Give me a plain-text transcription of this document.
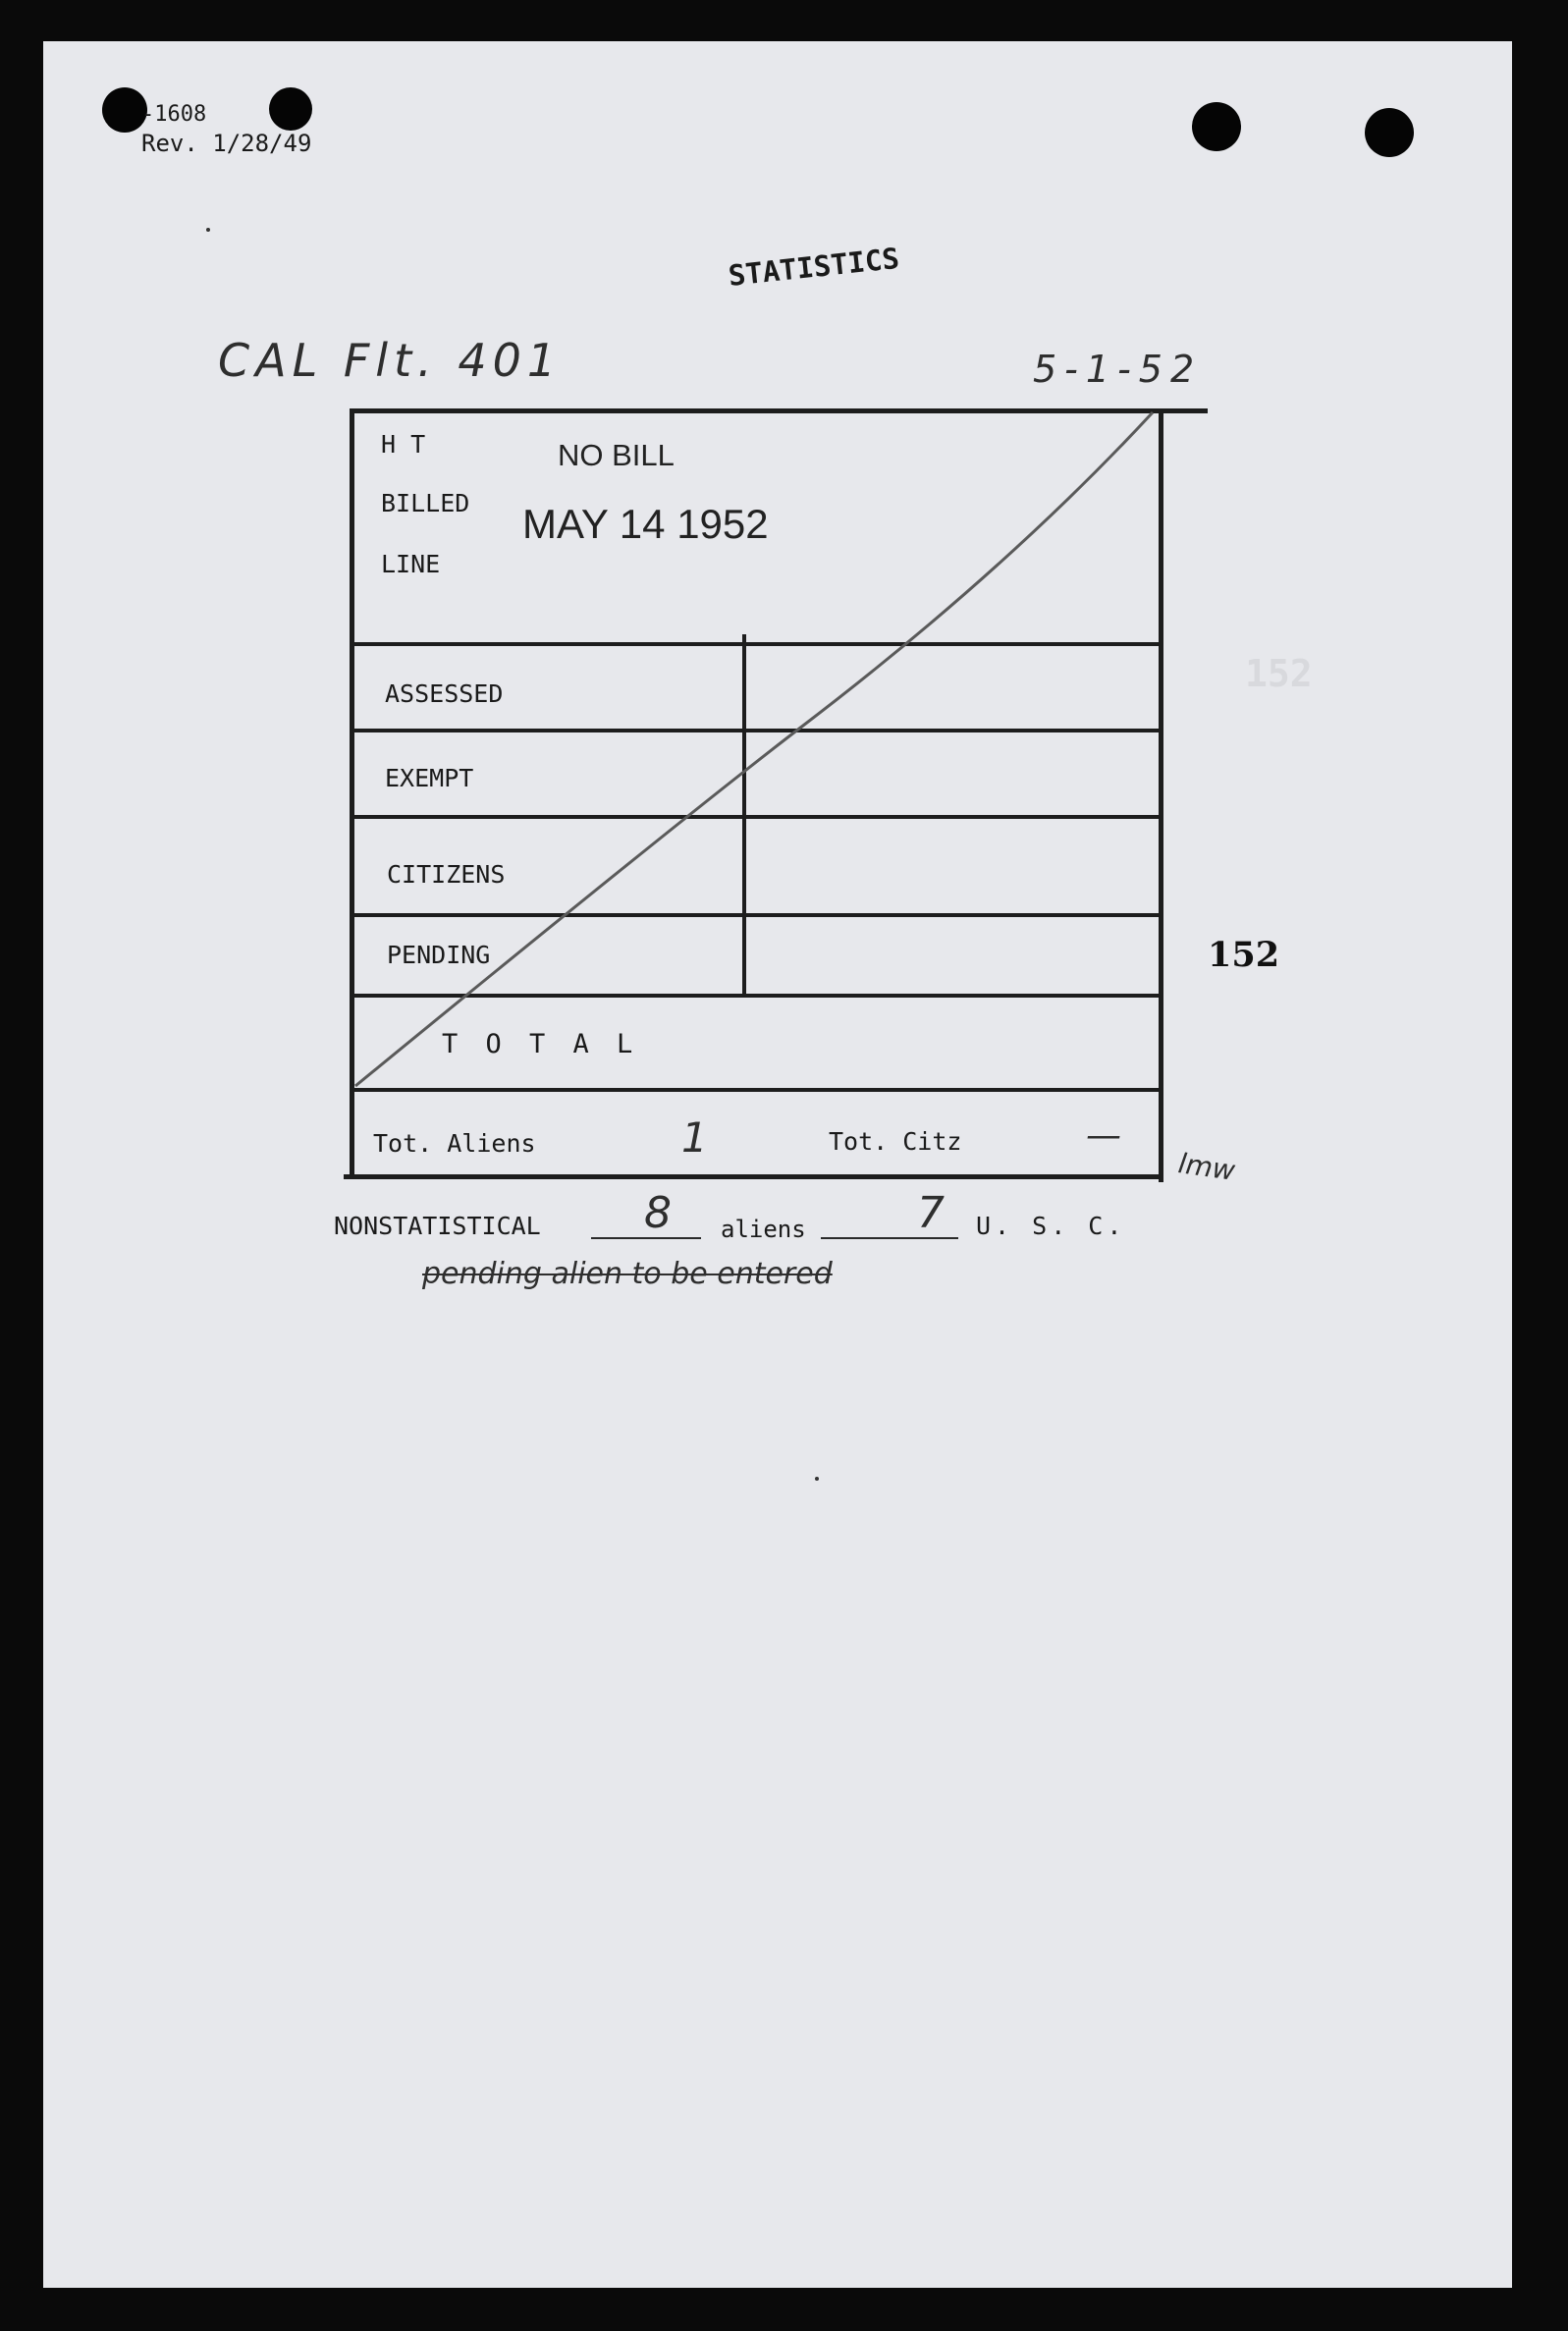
-1608
Rev. 1/28/49
STATISTICS
CAL Flt. 401	5-1-52
152
H T
BILLED
LINE
NO BILL
MAY 14 1952
ASSESSED
EXEMPT
CITIZENS
PENDING
T O T A L
Tot. Aliens	1	Tot. Citz	—
152
lmw
NONSTATISTICAL 8 aliens	7 U. S. C.
pending alien to be entered
